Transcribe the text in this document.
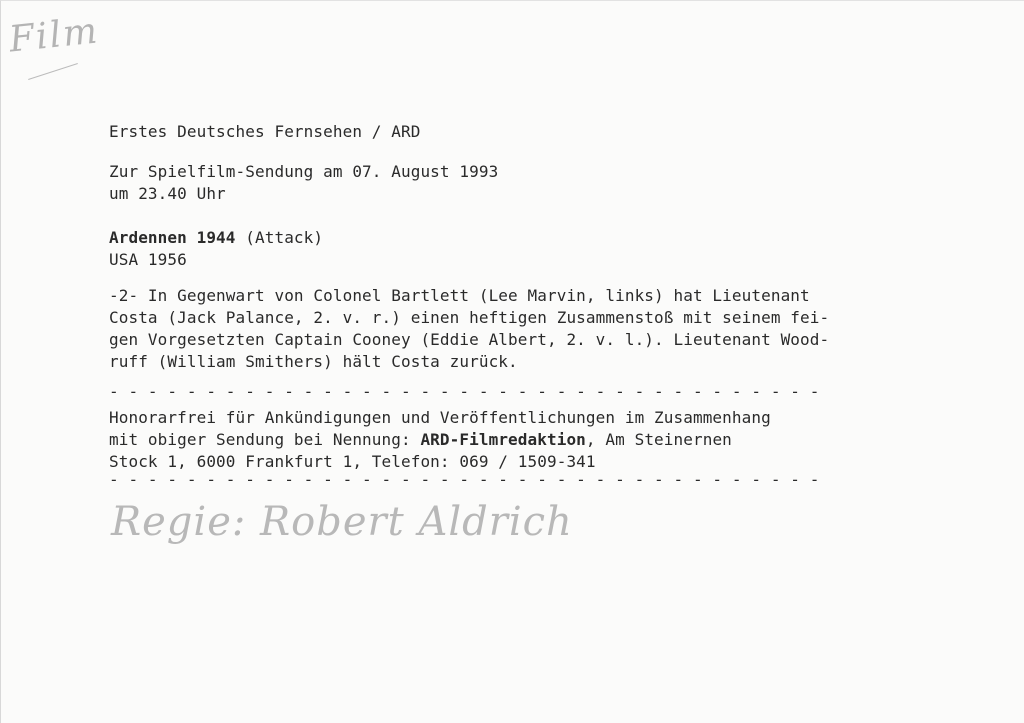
Film
Erstes Deutsches Fernsehen / ARD
Zur Spielfilm-Sendung am 07. August 1993
um 23.40 Uhr
Ardennen 1944 (Attack)
USA 1956
-2- In Gegenwart von Colonel Bartlett (Lee Marvin, links) hat Lieutenant
Costa (Jack Palance, 2. v. r.) einen heftigen Zusammenstoß mit seinem fei-
gen Vorgesetzten Captain Cooney (Eddie Albert, 2. v. l.). Lieutenant Wood-
ruff (William Smithers) hält Costa zurück.
- - - - - - - - - - - - - - - - - - - - - - - - - - - - - - - - - - - - -
Honorarfrei für Ankündigungen und Veröffentlichungen im Zusammenhang
mit obiger Sendung bei Nennung: ARD-Filmredaktion, Am Steinernen
Stock 1, 6000 Frankfurt 1, Telefon: 069 / 1509-341
- - - - - - - - - - - - - - - - - - - - - - - - - - - - - - - - - - - - -
Regie: Robert Aldrich
